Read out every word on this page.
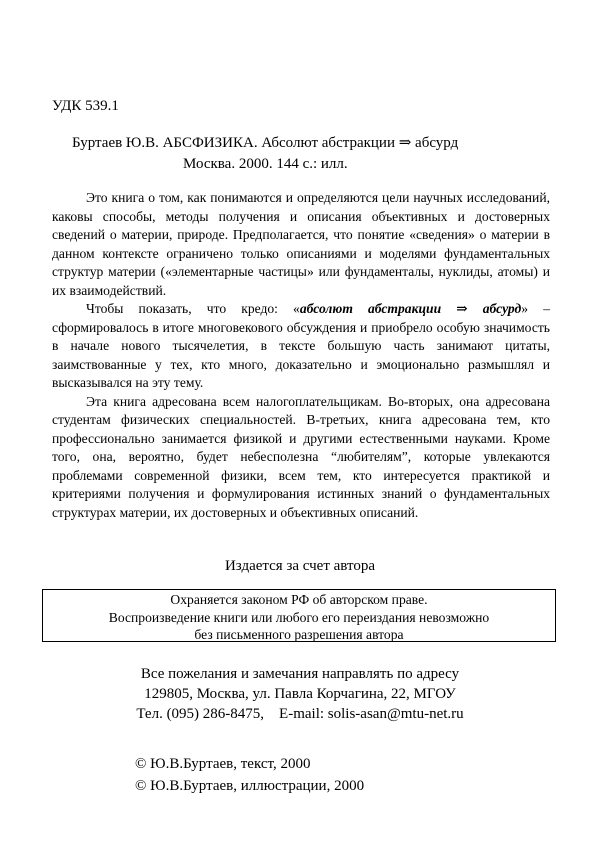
УДК 539.1
Буртаев Ю.В. АБСФИЗИКА. Абсолют абстракции ⇒ абсурд
Москва. 2000. 144 с.: илл.

Это книга о том, как понимаются и определяются цели научных исследований, каковы способы, методы получения и описания объективных и достоверных сведений о материи, природе. Предполагается, что понятие «сведения» о материи в данном контексте ограничено только описаниями и моделями фундаментальных структур материи («элементарные частицы» или фундаменталы, нуклиды, атомы) и их взаимодействий.

Чтобы показать, что кредо: «абсолют абстракции ⇒ абсурд» – сформировалось в итоге многовекового обсуждения и приобрело особую значимость в начале нового тысячелетия, в тексте большую часть занимают цитаты, заимствованные у тех, кто много, доказательно и эмоционально размышлял и высказывался на эту тему.

Эта книга адресована всем налогоплательщикам. Во-вторых, она адресована студентам физических специальностей. В-третьих, книга адресована тем, кто профессионально занимается физикой и другими естественными науками. Кроме того, она, вероятно, будет небесполезна “любителям”, которые увлекаются проблемами современной физики, всем тем, кто интересуется практикой и критериями получения и формулирования истинных знаний о фундаментальных структурах материи, их достоверных и объективных описаний.

Издается за счет автора
Охраняется законом РФ об авторском праве.
Воспроизведение книги или любого его переиздания невозможно
без письменного разрешения автора
Все пожелания и замечания направлять по адресу
129805, Москва, ул. Павла Корчагина, 22, МГОУ
Тел. (095) 286-8475,    E-mail: solis-asan@mtu-net.ru
© Ю.В.Буртаев, текст, 2000
© Ю.В.Буртаев, иллюстрации, 2000
